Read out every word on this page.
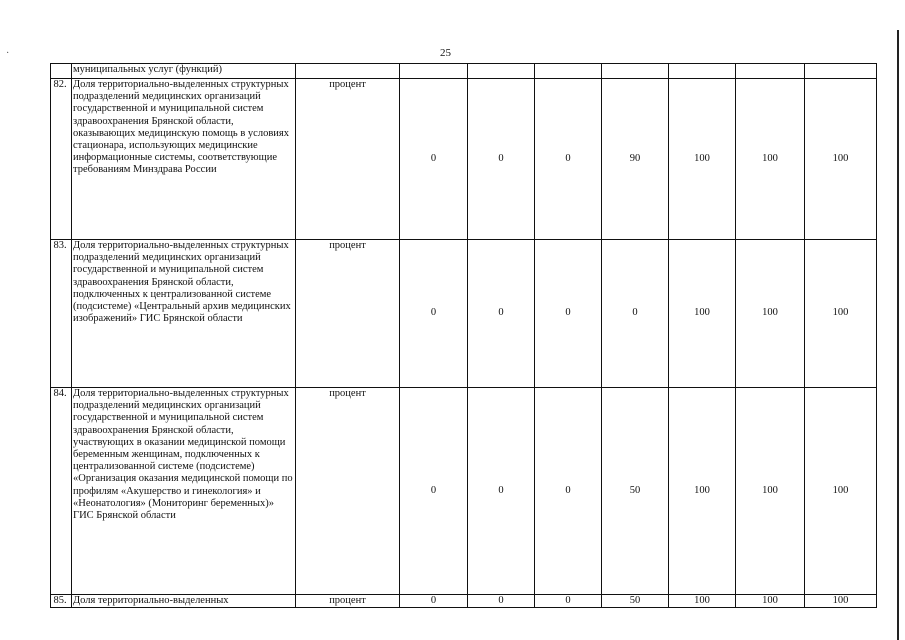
·	25
	муниципальных услуг (функций)								
82.	Доля территориально-выделенных структурных подразделений медицинских организаций государственной и муниципальной систем здравоохранения Брянской области, оказывающих медицинскую помощь в условиях стационара, использующих медицинские информационные системы, соответствующие требованиям Минздрава России	процент	0	0	0	90	100	100	100
83.	Доля территориально-выделенных структурных подразделений медицинских организаций государственной и муниципальной систем здравоохранения Брянской области, подключенных к централизованной системе (подсистеме) «Центральный архив медицинских изображений» ГИС Брянской области	процент	0	0	0	0	100	100	100
84.	Доля территориально-выделенных структурных подразделений медицинских организаций государственной и муниципальной систем здравоохранения Брянской области, участвующих в оказании медицинской помощи беременным женщинам, подключенных к централизованной системе (подсистеме) «Организация оказания медицинской помощи по профилям «Акушерство и гинекология» и «Неонатология» (Мониторинг беременных)» ГИС Брянской области	процент	0	0	0	50	100	100	100
85.	Доля территориально-выделенных	процент	0	0	0	50	100	100	100
